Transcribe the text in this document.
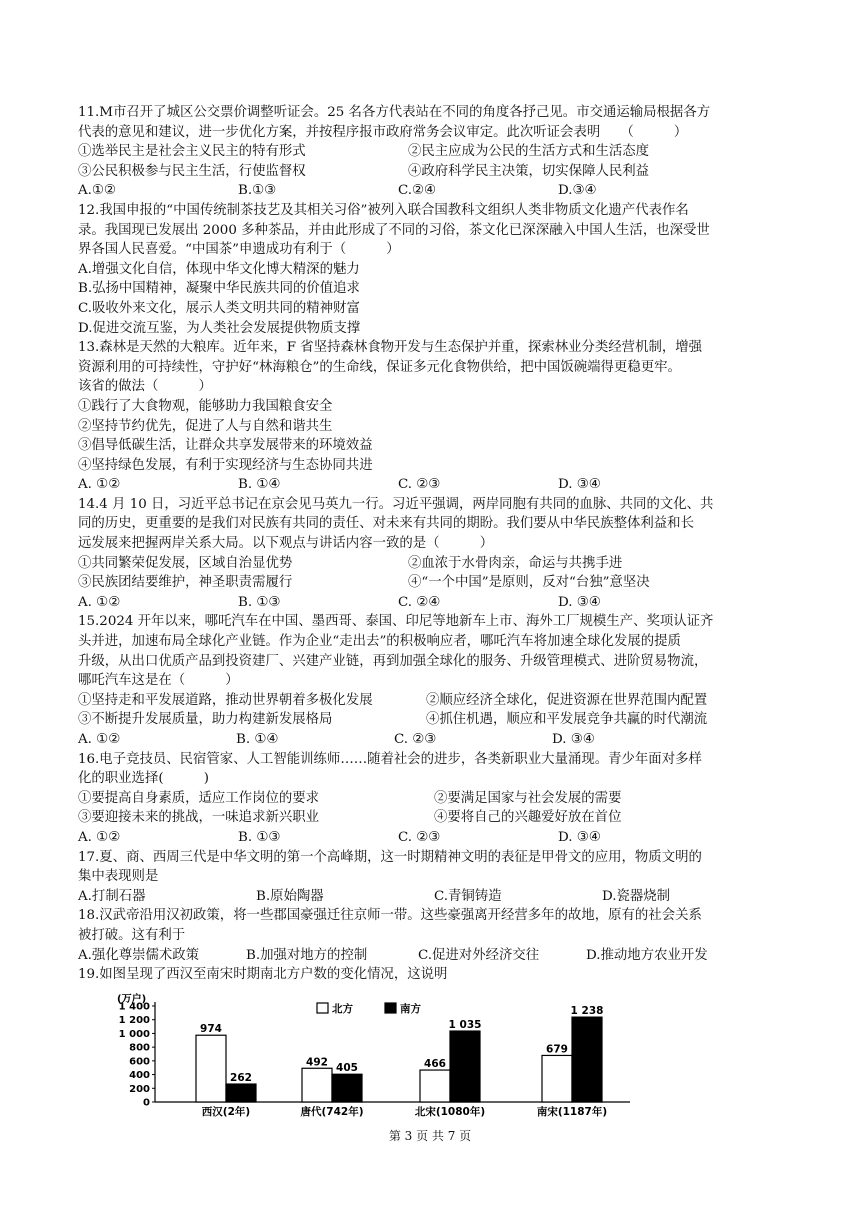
11.M市召开了城区公交票价调整听证会。25 名各方代表站在不同的角度各抒己见。市交通运输局根据各方
代表的意见和建议，进一步优化方案，并按程序报市政府常务会议审定。此次听证会表明　　（　　　）
①选举民主是社会主义民主的特有形式	②民主应成为公民的生活方式和生活态度
③公民积极参与民主生活，行使监督权	④政府科学民主决策，切实保障人民利益
A.①②	B.①③	C.②④	D.③④
12.我国申报的“中国传统制茶技艺及其相关习俗”被列入联合国教科文组织人类非物质文化遗产代表作名
录。我国现已发展出 2000 多种茶品，并由此形成了不同的习俗，茶文化已深深融入中国人生活，也深受世
界各国人民喜爱。“中国茶”申遗成功有利于（　　　）
A.增强文化自信，体现中华文化博大精深的魅力
B.弘扬中国精神，凝聚中华民族共同的价值追求
C.吸收外来文化，展示人类文明共同的精神财富
D.促进交流互鉴，为人类社会发展提供物质支撑
13.森林是天然的大粮库。近年来，F 省坚持森林食物开发与生态保护并重，探索林业分类经营机制，增强
资源利用的可持续性，守护好“林海粮仓”的生命线，保证多元化食物供给，把中国饭碗端得更稳更牢。
该省的做法（　　　）
①践行了大食物观，能够助力我国粮食安全
②坚持节约优先，促进了人与自然和谐共生
③倡导低碳生活，让群众共享发展带来的环境效益
④坚持绿色发展，有利于实现经济与生态协同共进
A. ①②	B. ①④	C. ②③	D. ③④
14.4 月 10 日，习近平总书记在京会见马英九一行。习近平强调，两岸同胞有共同的血脉、共同的文化、共
同的历史，更重要的是我们对民族有共同的责任、对未来有共同的期盼。我们要从中华民族整体利益和长
远发展来把握两岸关系大局。以下观点与讲话内容一致的是（　　　）
①共同繁荣促发展，区域自治显优势	②血浓于水骨肉亲，命运与共携手进
③民族团结要维护，神圣职责需履行	④“一个中国”是原则，反对“台独”意坚决
A. ①②	B. ①③	C. ②④	D. ③④
15.2024 开年以来，哪吒汽车在中国、墨西哥、泰国、印尼等地新车上市、海外工厂规模生产、奖项认证齐
头并进，加速布局全球化产业链。作为企业“走出去”的积极响应者，哪吒汽车将加速全球化发展的提质
升级，从出口优质产品到投资建厂、兴建产业链，再到加强全球化的服务、升级管理模式、进阶贸易物流，
哪吒汽车这是在（　　　）
①坚持走和平发展道路，推动世界朝着多极化发展	②顺应经济全球化，促进资源在世界范围内配置
③不断提升发展质量，助力构建新发展格局	④抓住机遇，顺应和平发展竞争共赢的时代潮流
A. ①②	B. ①④	C. ②③	D. ③④
16.电子竞技员、民宿管家、人工智能训练师……随着社会的进步，各类新职业大量涌现。青少年面对多样
化的职业选择(　　　)
①要提高自身素质，适应工作岗位的要求	②要满足国家与社会发展的需要
③要迎接未来的挑战，一味追求新兴职业	④要将自己的兴趣爱好放在首位
A. ①②	B. ①③	C. ②③	D. ③④
17.夏、商、西周三代是中华文明的第一个高峰期，这一时期精神文明的表征是甲骨文的应用，物质文明的
集中表现则是
A.打制石器	B.原始陶器	C.青铜铸造	D.瓷器烧制
18.汉武帝沿用汉初政策，将一些郡国豪强迁往京师一带。这些豪强离开经营多年的故地，原有的社会关系
被打破。这有利于
A.强化尊崇儒术政策	B.加强对地方的控制	C.促进对外经济交往	D.推动地方农业开发
19.如图呈现了西汉至南宋时期南北方户数的变化情况，这说明
(万户)
0
200
400
600
800
1 000
1 200
1 400	北方	南方
974
262
西汉(2年)
492 405
唐代(742年)
466
1 035
北宋(1080年)
679
1 238
南宋(1187年)
第 3 页 共 7 页
